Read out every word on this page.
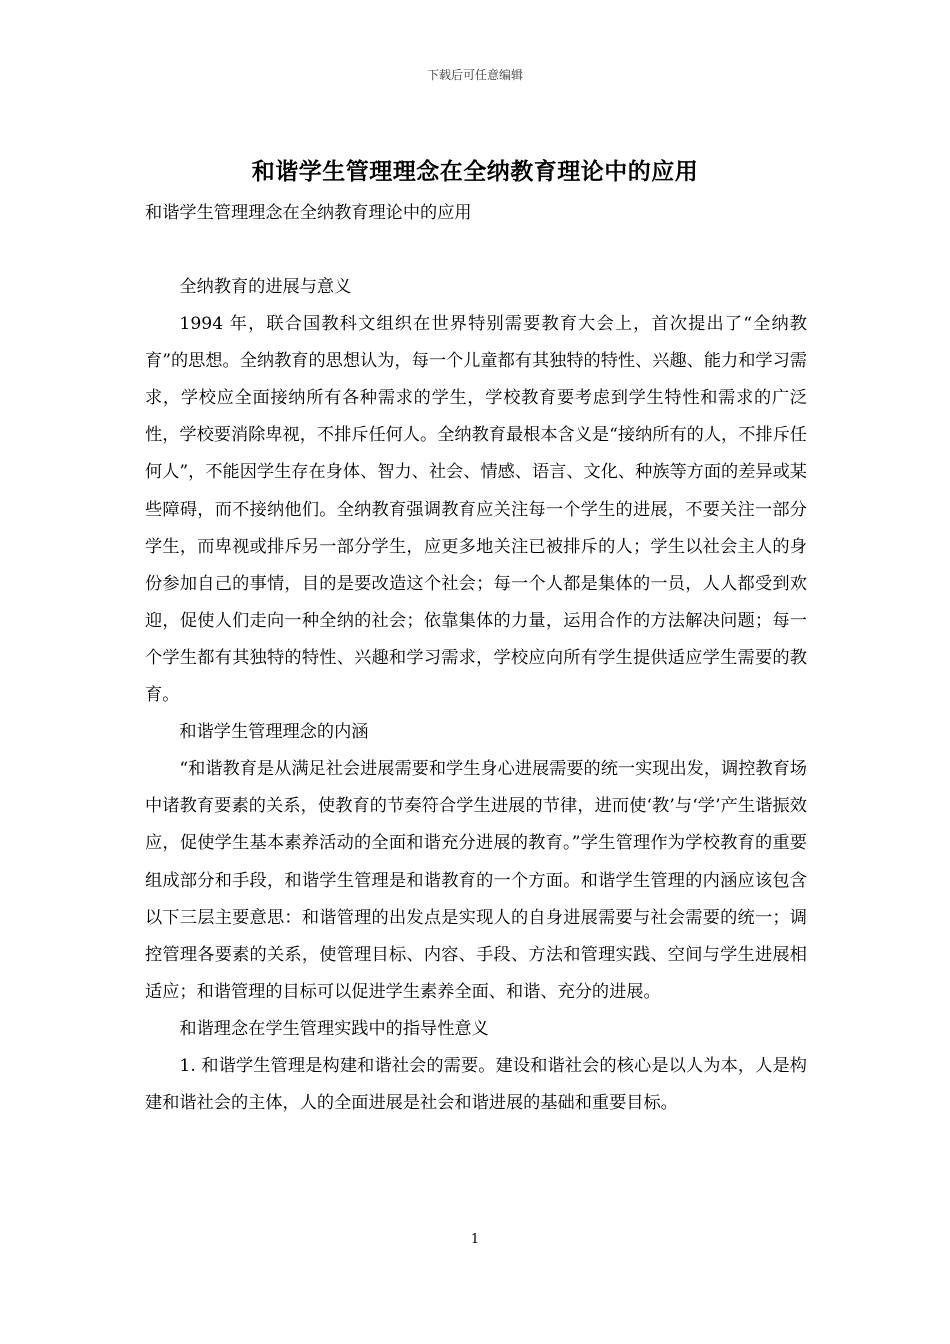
下载后可任意编辑
和谐学生管理理念在全纳教育理论中的应用
和谐学生管理理念在全纳教育理论中的应用

全纳教育的进展与意义

1994 年，联合国教科文组织在世界特别需要教育大会上，首次提出了“全纳教育”的思想。全纳教育的思想认为，每一个儿童都有其独特的特性、兴趣、能力和学习需求，学校应全面接纳所有各种需求的学生，学校教育要考虑到学生特性和需求的广泛性，学校要消除卑视，不排斥任何人。全纳教育最根本含义是“接纳所有的人，不排斥任何人”，不能因学生存在身体、智力、社会、情感、语言、文化、种族等方面的差异或某些障碍，而不接纳他们。全纳教育强调教育应关注每一个学生的进展，不要关注一部分学生，而卑视或排斥另一部分学生，应更多地关注已被排斥的人；学生以社会主人的身份参加自己的事情，目的是要改造这个社会；每一个人都是集体的一员，人人都受到欢迎，促使人们走向一种全纳的社会；依靠集体的力量，运用合作的方法解决问题；每一个学生都有其独特的特性、兴趣和学习需求，学校应向所有学生提供适应学生需要的教育。

和谐学生管理理念的内涵

“和谐教育是从满足社会进展需要和学生身心进展需要的统一实现出发，调控教育场中诸教育要素的关系，使教育的节奏符合学生进展的节律，进而使‘教’与‘学’产生谐振效应，促使学生基本素养活动的全面和谐充分进展的教育。”学生管理作为学校教育的重要组成部分和手段，和谐学生管理是和谐教育的一个方面。和谐学生管理的内涵应该包含以下三层主要意思：和谐管理的出发点是实现人的自身进展需要与社会需要的统一；调控管理各要素的关系，使管理目标、内容、手段、方法和管理实践、空间与学生进展相适应；和谐管理的目标可以促进学生素养全面、和谐、充分的进展。

和谐理念在学生管理实践中的指导性意义

1. 和谐学生管理是构建和谐社会的需要。建设和谐社会的核心是以人为本，人是构建和谐社会的主体，人的全面进展是社会和谐进展的基础和重要目标。

1
